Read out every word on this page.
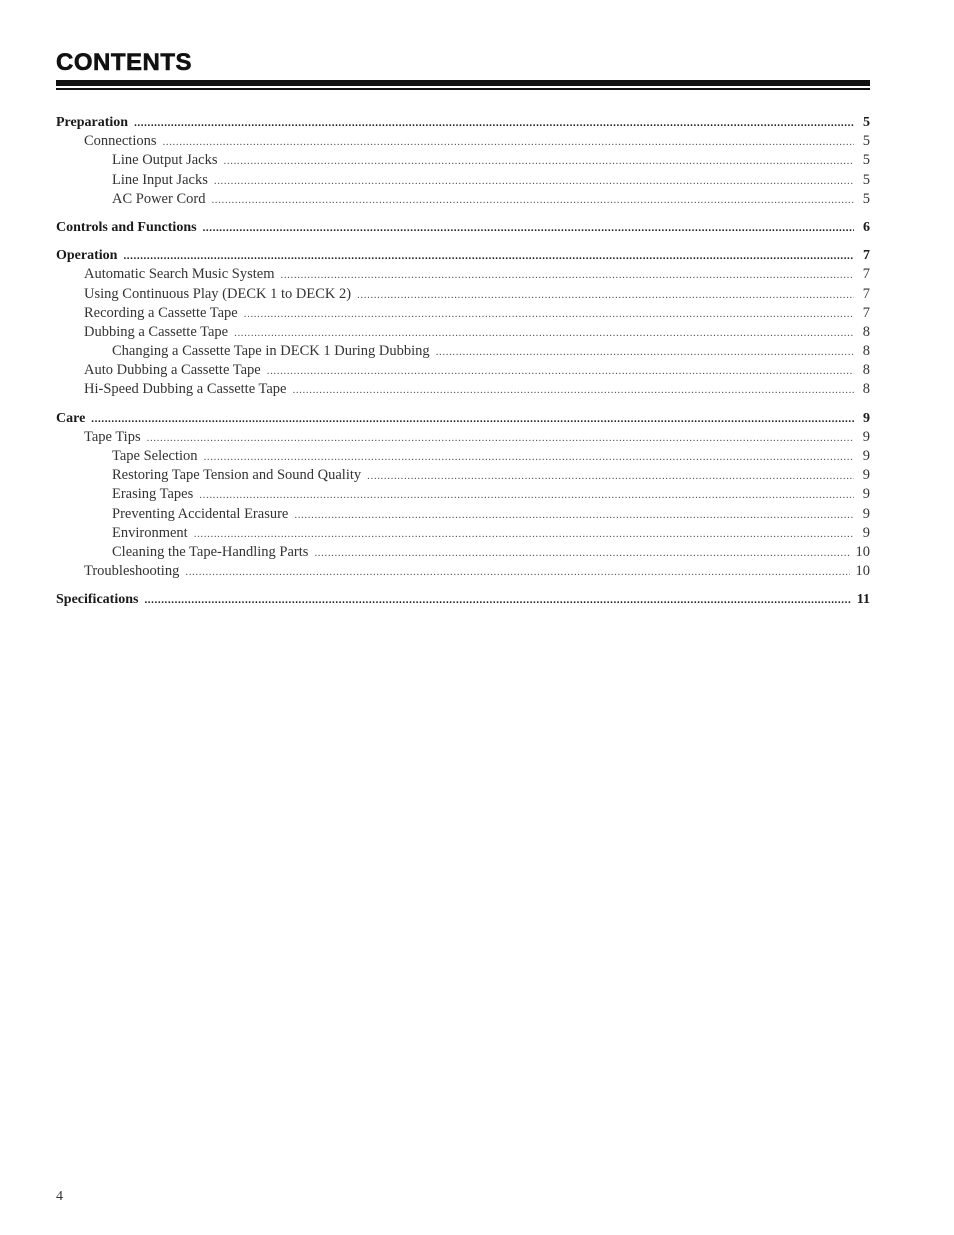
CONTENTS
Preparation .....	5
Connections .....	5
Line Output Jacks .....	5
Line Input Jacks .....	5
AC Power Cord .....	5
Controls and Functions .....	6
Operation .....	7
Automatic Search Music System .....	7
Using Continuous Play (DECK 1 to DECK 2) .....	7
Recording a Cassette Tape .....	7
Dubbing a Cassette Tape .....	8
Changing a Cassette Tape in DECK 1 During Dubbing .....	8
Auto Dubbing a Cassette Tape .....	8
Hi-Speed Dubbing a Cassette Tape .....	8
Care .....	9
Tape Tips .....	9
Tape Selection .....	9
Restoring Tape Tension and Sound Quality .....	9
Erasing Tapes .....	9
Preventing Accidental Erasure .....	9
Environment .....	9
Cleaning the Tape-Handling Parts .....	10
Troubleshooting .....	10
Specifications .....	11
4
